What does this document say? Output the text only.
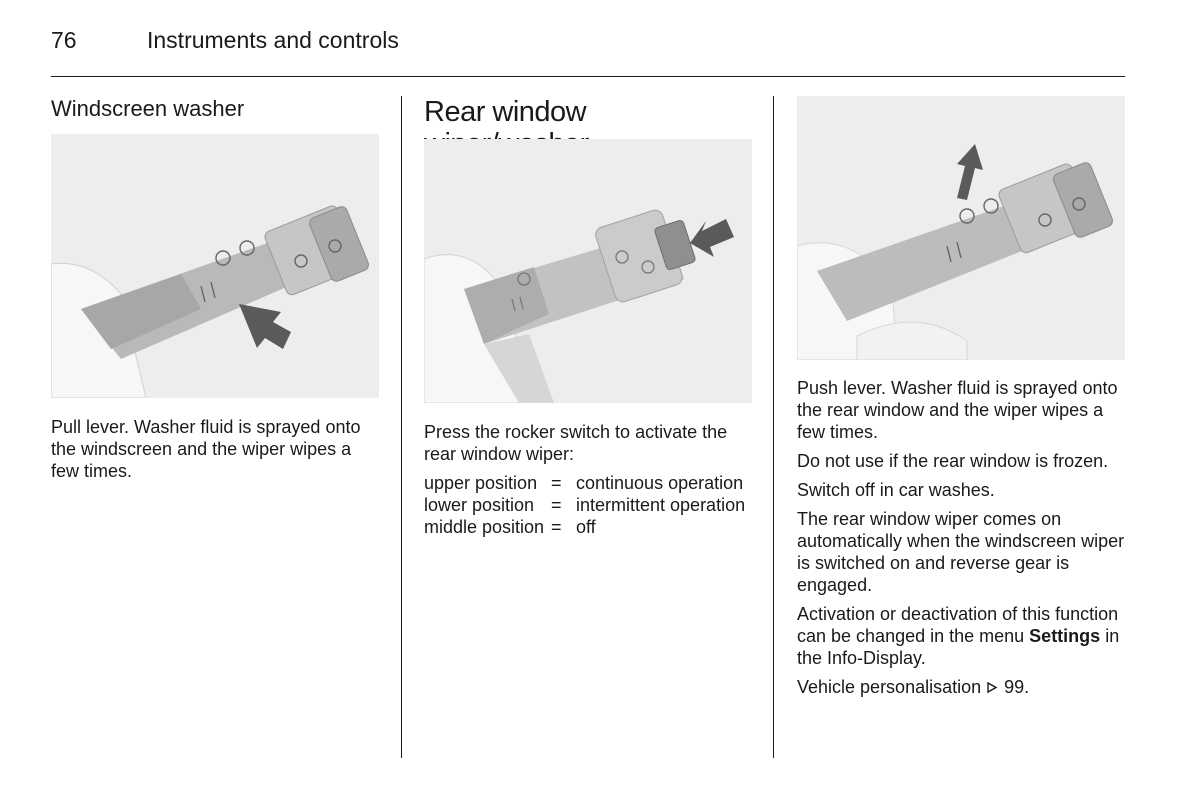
76	Instruments and controls
Windscreen washer

Pull lever. Washer fluid is sprayed onto the windscreen and the wiper wipes a few times.

Rear window

Press the rocker switch to activate the rear window wiper:

upper position	=	continuous operation
lower position	=	intermittent operation
middle position	=	off

Push lever. Washer fluid is sprayed onto the rear window and the wiper wipes a few times.

Do not use if the rear window is frozen.

Switch off in car washes.

The rear window wiper comes on automatically when the windscreen wiper is switched on and reverse gear is engaged.

Activation or deactivation of this function can be changed in the menu Settings in the Info-Display.

Vehicle personalisation  99.
